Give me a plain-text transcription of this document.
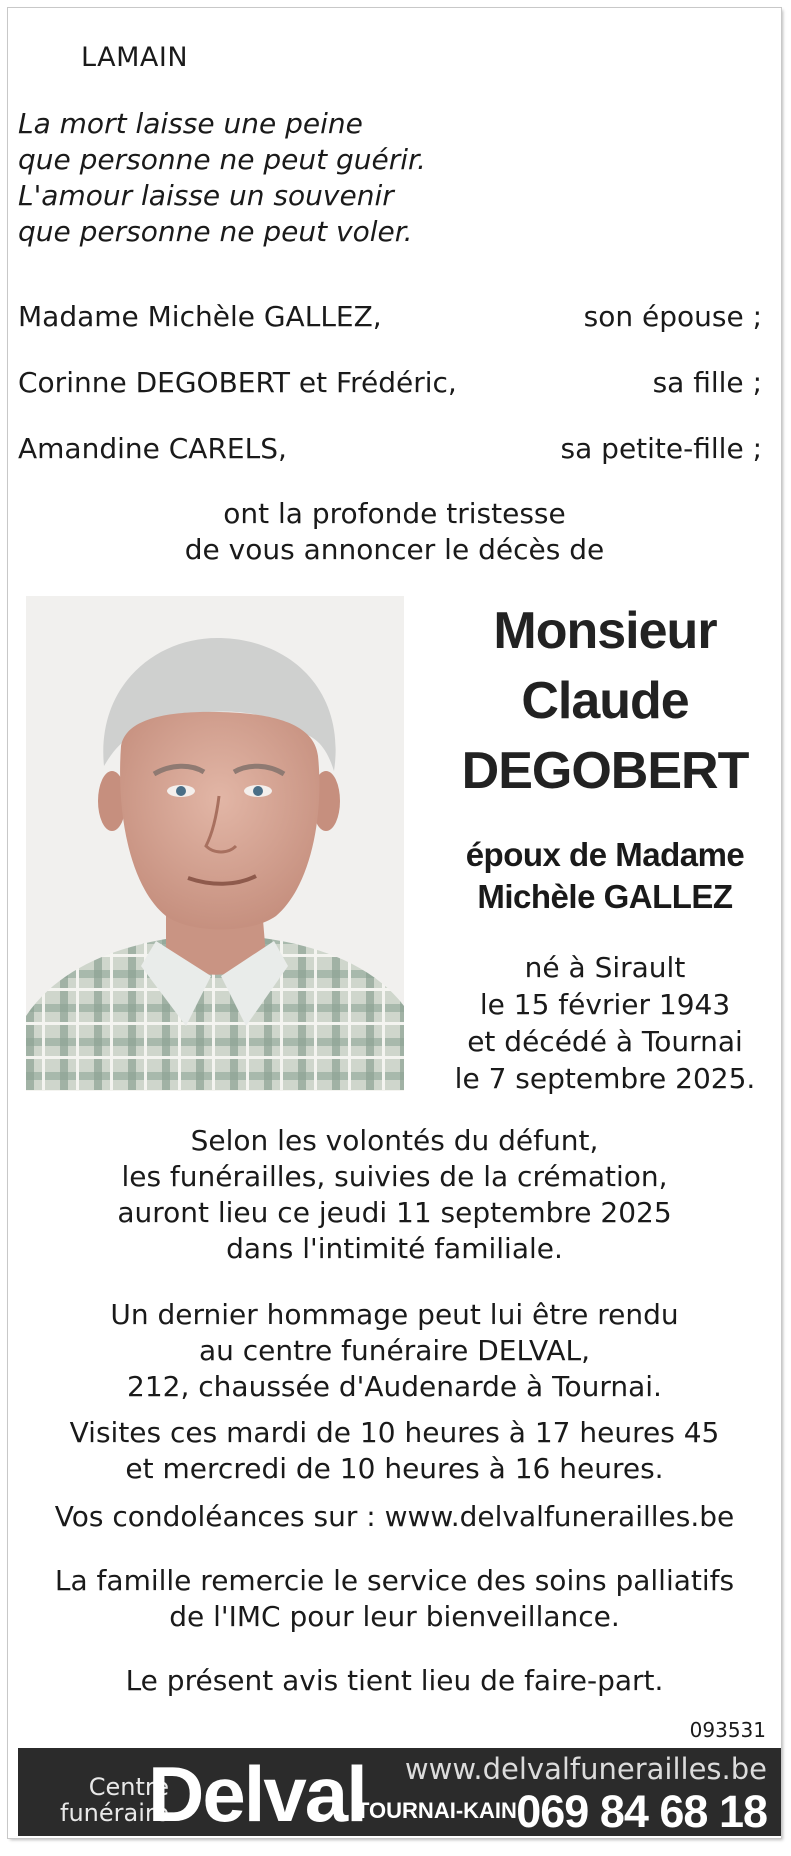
LAMAIN
La mort laisse une peine
que personne ne peut guérir.
L'amour laisse un souvenir
que personne ne peut voler.
Madame Michèle GALLEZ,	son épouse ;
Corinne DEGOBERT et Frédéric,	sa fille ;
Amandine CARELS,	sa petite-fille ;
ont la profonde tristesse
de vous annoncer le décès de
Monsieur
Claude
DEGOBERT
époux de Madame
Michèle GALLEZ
né à Sirault
le 15 février 1943
et décédé à Tournai
le 7 septembre 2025.
Selon les volontés du défunt,
les funérailles, suivies de la crémation,
auront lieu ce jeudi 11 septembre 2025
dans l'intimité familiale.
Un dernier hommage peut lui être rendu
au centre funéraire DELVAL,
212, chaussée d'Audenarde à Tournai.
Visites ces mardi de 10 heures à 17 heures 45
et mercredi de 10 heures à 16 heures.
Vos condoléances sur : www.delvalfunerailles.be
La famille remercie le service des soins palliatifs
de l'IMC pour leur bienveillance.
Le présent avis tient lieu de faire-part.
093531
Centre
funéraire
Delval www.delvalfunerailles.be
TOURNAI-KAIN 069 84 68 18
